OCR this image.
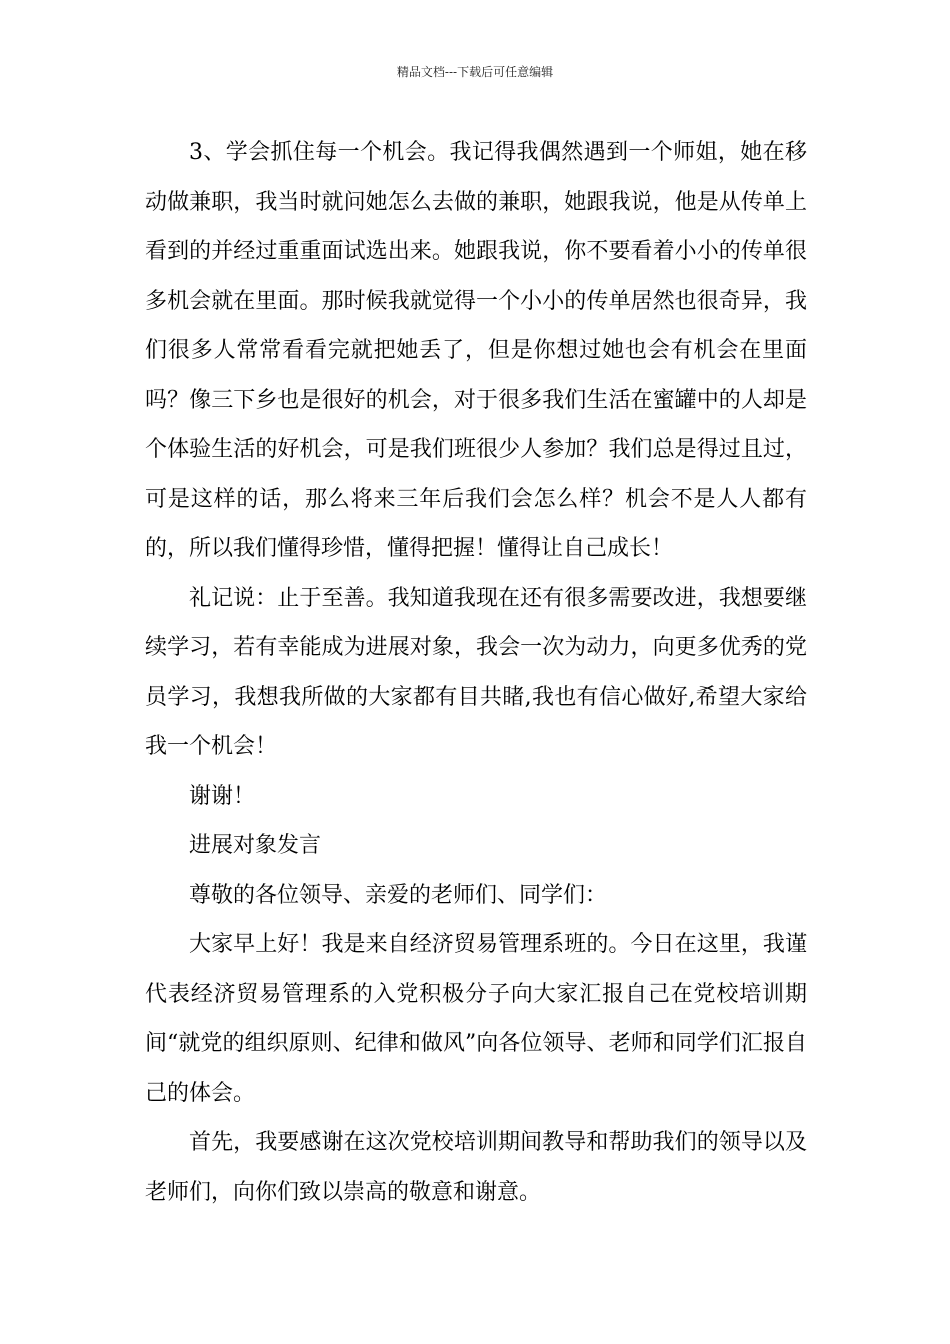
精品文档---下载后可任意编辑

3、学会抓住每一个机会。我记得我偶然遇到一个师姐，她在移动做兼职，我当时就问她怎么去做的兼职，她跟我说，他是从传单上看到的并经过重重面试选出来。她跟我说，你不要看着小小的传单很多机会就在里面。那时候我就觉得一个小小的传单居然也很奇异，我们很多人常常看看完就把她丢了，但是你想过她也会有机会在里面吗？像三下乡也是很好的机会，对于很多我们生活在蜜罐中的人却是个体验生活的好机会，可是我们班很少人参加？我们总是得过且过，可是这样的话，那么将来三年后我们会怎么样？机会不是人人都有的，所以我们懂得珍惜，懂得把握！懂得让自己成长！

礼记说：止于至善。我知道我现在还有很多需要改进，我想要继续学习，若有幸能成为进展对象，我会一次为动力，向更多优秀的党员学习，我想我所做的大家都有目共睹,我也有信心做好,希望大家给我一个机会！

谢谢！

进展对象发言

尊敬的各位领导、亲爱的老师们、同学们：

大家早上好！我是来自经济贸易管理系班的。今日在这里，我谨代表经济贸易管理系的入党积极分子向大家汇报自己在党校培训期间“就党的组织原则、纪律和做风”向各位领导、老师和同学们汇报自己的体会。

首先，我要感谢在这次党校培训期间教导和帮助我们的领导以及老师们，向你们致以崇高的敬意和谢意。
